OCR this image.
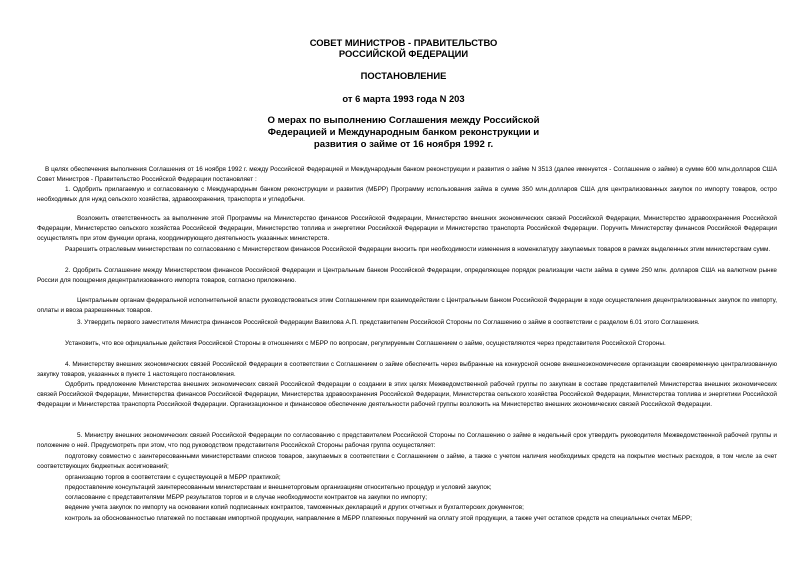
СОВЕТ МИНИСТРОВ - ПРАВИТЕЛЬСТВО
РОССИЙСКОЙ ФЕДЕРАЦИИ
ПОСТАНОВЛЕНИЕ
от 6 марта 1993 года N 203
О мерах по выполнению Соглашения между Российской
Федерацией и Международным банком реконструкции и
развития о займе от 16 ноября 1992 г.
В целях обеспечения выполнения Соглашения от 16 ноября 1992 г. между Российской Федерацией и Международным банком реконструкции и развития о займе N 3513 (далее именуется - Соглашение о займе) в сумме 600 млн.долларов США Совет Министров - Правительство Российской Федерации постановляет :
1. Одобрить прилагаемую и согласованную с Международным банком реконструкции и развития (МБРР) Программу использования займа в сумме 350 млн.долларов США для централизованных закупок по импорту товаров, остро необходимых для нужд сельского хозяйства, здравоохранения, транспорта и угледобычи.
Возложить ответственность за выполнение этой Программы на Министерство финансов Российской Федерации, Министерство внешних экономических связей Российской Федерации, Министерство здравоохранения Российской Федерации, Министерство сельского хозяйства Российской Федерации, Министерство топлива и энергетики Российской Федерации и Министерство транспорта Российской Федерации. Поручить Министерству финансов Российской Федерации осуществлять при этом функции органа, координирующего деятельность указанных министерств.
Разрешить отраслевым министерствам по согласованию с Министерством финансов Российской Федерации вносить при необходимости изменения в номенклатуру закупаемых товаров в рамках выделенных этим министерствам сумм.
2. Одобрить Соглашение между Министерством финансов Российской Федерации и Центральным банком Российской Федерации, определяющее порядок реализации части займа в сумме 250 млн. долларов США на валютном рынке России для поощрения децентрализованного импорта товаров, согласно приложению.
Центральным органам федеральной исполнительной власти руководствоваться этим Соглашением при взаимодействии с Центральным банком Российской Федерации в ходе осуществления децентрализованных закупок по импорту, оплаты и ввоза разрешенных товаров.
3. Утвердить первого заместителя Министра финансов Российской Федерации Вавилова А.П. представителем Российской Стороны по Соглашению о займе в соответствии с разделом 6.01 этого Соглашения.
Установить, что все официальные действия Российской Стороны в отношениях с МБРР по вопросам, регулируемым Соглашением о займе, осуществляются через представителя Российской Стороны.
4. Министерству внешних экономических связей Российской Федерации в соответствии с Соглашением о займе обеспечить через выбранные на конкурсной основе внешнеэкономические организации своевременную централизованную закупку товаров, указанных в пункте 1 настоящего постановления.
Одобрить предложение Министерства внешних экономических связей Российской Федерации о создании в этих целях Межведомственной рабочей группы по закупкам в составе представителей Министерства внешних экономических связей Российской Федерации, Министерства финансов Российской Федерации, Министерства здравоохранения Российской Федерации, Министерства сельского хозяйства Российской Федерации, Министерства топлива и энергетики Российской Федерации и Министерства транспорта Российской Федерации. Организационное и финансовое обеспечение деятельности рабочей группы возложить на Министерство внешних экономических связей Российской Федерации.
5. Министру внешних экономических связей Российской Федерации по согласованию с представителем Российской Стороны по Соглашению о займе в недельный срок утвердить руководителя Межведомственной рабочей группы и положение о ней. Предусмотреть при этом, что под руководством представителя Российской Стороны рабочая группа осуществляет:
подготовку совместно с заинтересованными министерствами списков товаров, закупаемых в соответствии с Соглашением о займе, а также с учетом наличия необходимых средств на покрытие местных расходов, в том числе за счет соответствующих бюджетных ассигнований;
организацию торгов в соответствии с существующей в МБРР практикой;
предоставление консультаций заинтересованным министерствам и внешнеторговым организациям относительно процедур и условий закупок;
согласование с представителями МБРР результатов торгов и в случае необходимости контрактов на закупки по импорту;
ведение учета закупок по импорту на основании копий подписанных контрактов, таможенных деклараций и других отчетных и бухгалтерских документов;
контроль за обоснованностью платежей по поставкам импортной продукции, направление в МБРР платежных поручений на оплату этой продукции, а также учет остатков средств на специальных счетах МБРР;
